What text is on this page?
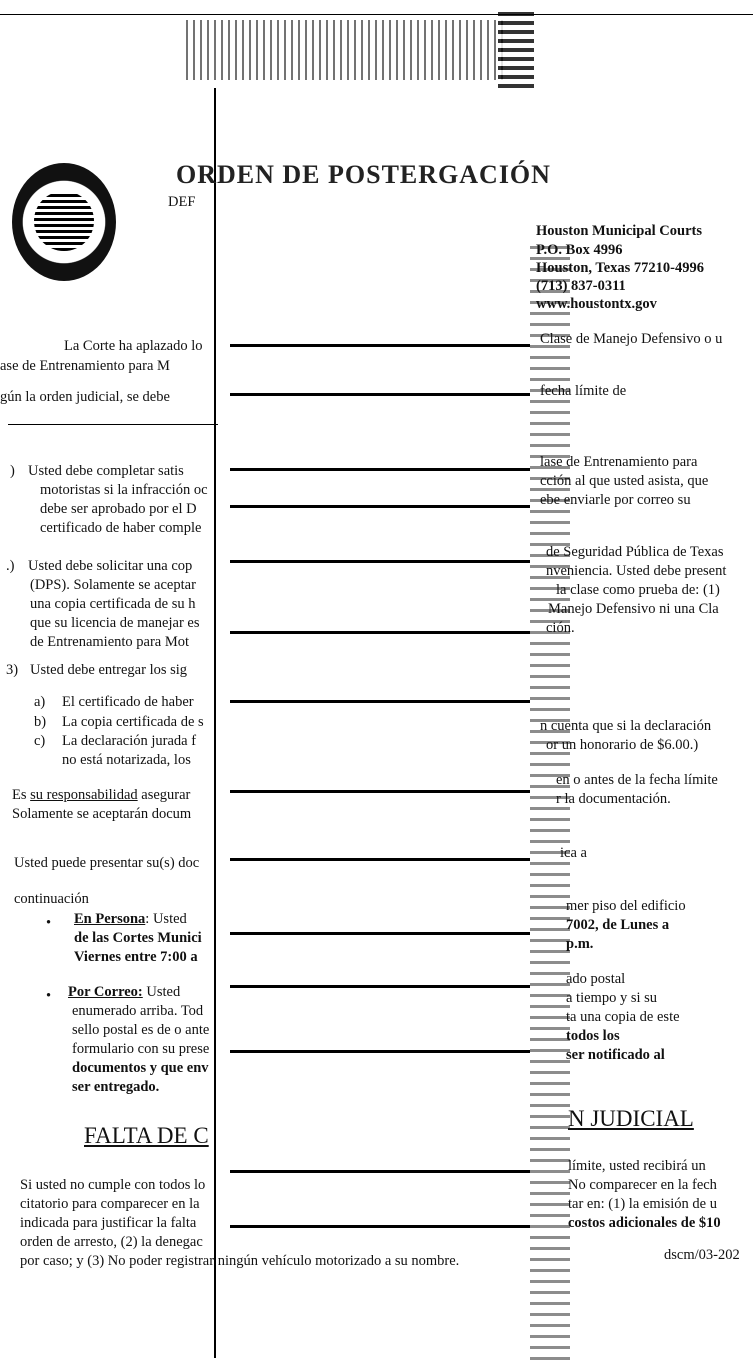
ORDEN DE POSTERGACIÓN
DEF
Houston Municipal Courts
P.O. Box 4996
Houston, Texas 77210-4996
(713) 837-0311
www.houstontx.gov
La Corte ha aplazado lo	Clase de Manejo Defensivo o u
ase de Entrenamiento para M
gún la orden judicial, se debe	fecha límite de
) Usted debe completar satis
motoristas si la infracción oc
debe ser aprobado por el D
certificado de haber comple
lase de Entrenamiento para
cción al que usted asista, que
ebe enviarle por correo su
.) Usted debe solicitar una cop
(DPS). Solamente se aceptar
una copia certificada de su h
que su licencia de manejar es
de Entrenamiento para Mot
de Seguridad Pública de Texas
nveniencia. Usted debe present
la clase como prueba de: (1)
Manejo Defensivo ni una Cla
ción.
3) Usted debe entregar los sig
a) El certificado de haber
b) La copia certificada de s	n cuenta que si la declaración
c) La declaración jurada f
no está notarizada, los
or un honorario de $6.00.)
Es su responsabilidad asegurar
en o antes de la fecha límite
Solamente se aceptarán docum
r la documentación.
Usted puede presentar su(s) doc
ica a
continuación
• En Persona: Usted
de las Cortes Munici
Viernes entre 7:00 a
mer piso del edificio
7002, de Lunes a
p.m.
• Por Correo: Usted
enumerado arriba. Tod
sello postal es de o ante
formulario con su prese
documentos y que env
ser entregado.
ado postal
a tiempo y si su
ta una copia de este
todos los
ser notificado al
FALTA DE C
N JUDICIAL
Si usted no cumple con todos lo
límite, usted recibirá un
citatorio para comparecer en la
No comparecer en la fech
indicada para justificar la falta
tar en: (1) la emisión de u
orden de arresto, (2) la denegac
costos adicionales de $10
por caso; y (3) No poder registrar ningún vehículo motorizado a su nombre.	dscm/03-202
